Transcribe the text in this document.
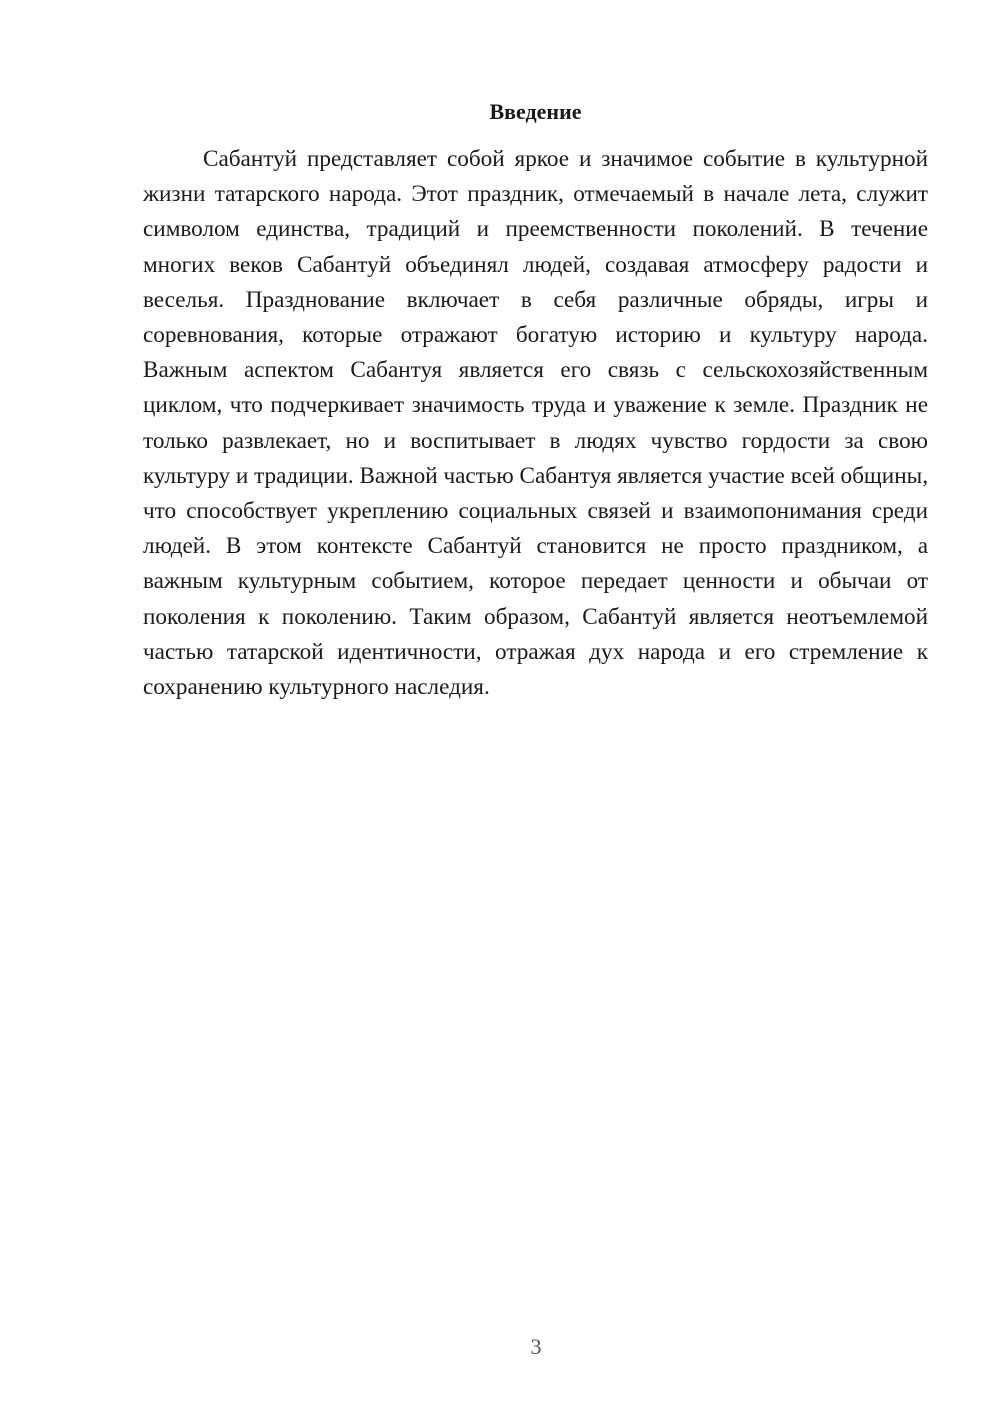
Введение

Сабантуй представляет собой яркое и значимое событие в культурной жизни татарского народа. Этот праздник, отмечаемый в начале лета, служит символом единства, традиций и преемственности поколений. В течение многих веков Сабантуй объединял людей, создавая атмосферу радости и веселья. Празднование включает в себя различные обряды, игры и соревнования, которые отражают богатую историю и культуру народа. Важным аспектом Сабантуя является его связь с сельскохозяйственным циклом, что подчеркивает значимость труда и уважение к земле. Праздник не только развлекает, но и воспитывает в людях чувство гордости за свою культуру и традиции. Важной частью Сабантуя является участие всей общины, что способствует укреплению социальных связей и взаимопонимания среди людей. В этом контексте Сабантуй становится не просто праздником, а важным культурным событием, которое передает ценности и обычаи от поколения к поколению. Таким образом, Сабантуй является неотъемлемой частью татарской идентичности, отражая дух народа и его стремление к сохранению культурного наследия.

3
